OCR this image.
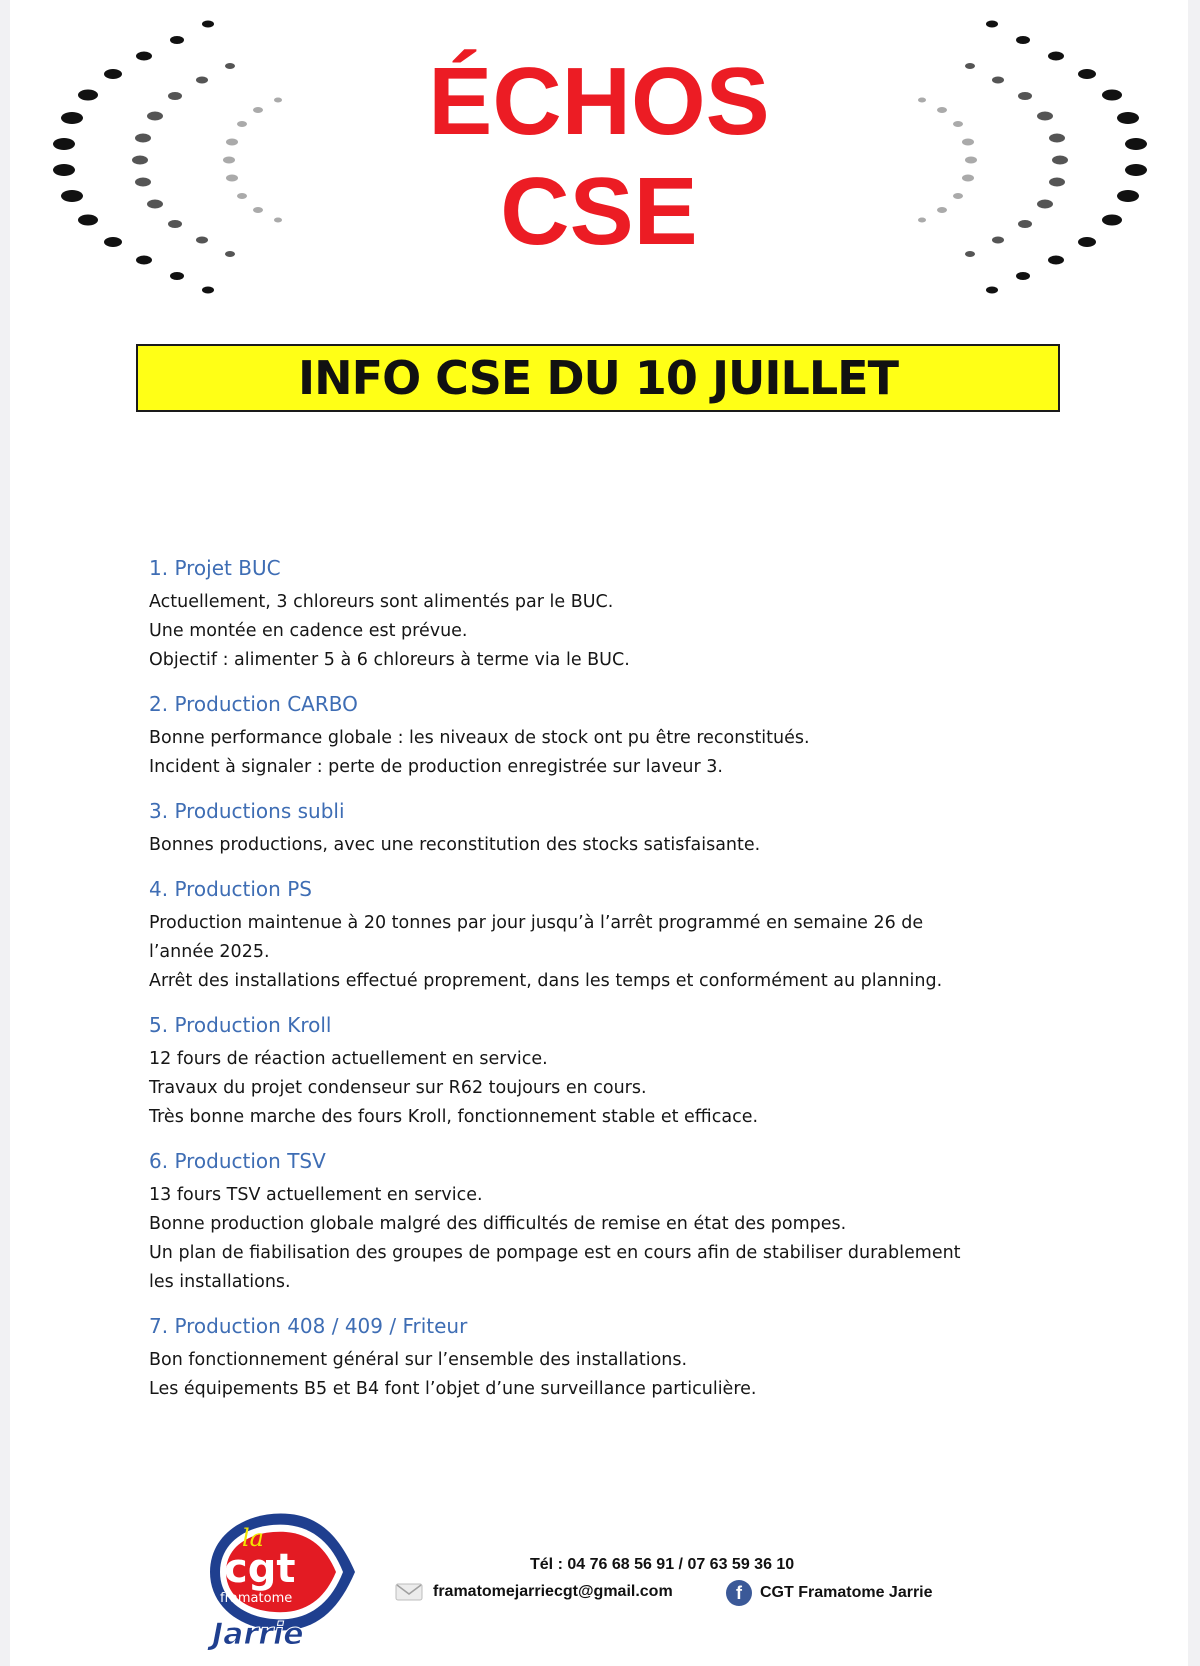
ÉCHOS
CSE
INFO CSE DU 10 JUILLET
1. Projet BUC
Actuellement, 3 chloreurs sont alimentés par le BUC.
Une montée en cadence est prévue.
Objectif : alimenter 5 à 6 chloreurs à terme via le BUC.
2. Production CARBO
Bonne performance globale : les niveaux de stock ont pu être reconstitués.
Incident à signaler : perte de production enregistrée sur laveur 3.
3. Productions subli
Bonnes productions, avec une reconstitution des stocks satisfaisante.
4. Production PS
Production maintenue à 20 tonnes par jour jusqu’à l’arrêt programmé en semaine 26 de
l’année 2025.
Arrêt des installations effectué proprement, dans les temps et conformément au planning.
5. Production Kroll
12 fours de réaction actuellement en service.
Travaux du projet condenseur sur R62 toujours en cours.
Très bonne marche des fours Kroll, fonctionnement stable et efficace.
6. Production TSV
13 fours TSV actuellement en service.
Bonne production globale malgré des difficultés de remise en état des pompes.
Un plan de fiabilisation des groupes de pompage est en cours afin de stabiliser durablement
les installations.
7. Production 408 / 409 / Friteur
Bon fonctionnement général sur l’ensemble des installations.
Les équipements B5 et B4 font l’objet d’une surveillance particulière.
la
cgt
framatome
Jarrie
Tél : 04 76 68 56 91 / 07 63 59 36 10
framatomejarriecgt@gmail.com	f	CGT Framatome Jarrie
